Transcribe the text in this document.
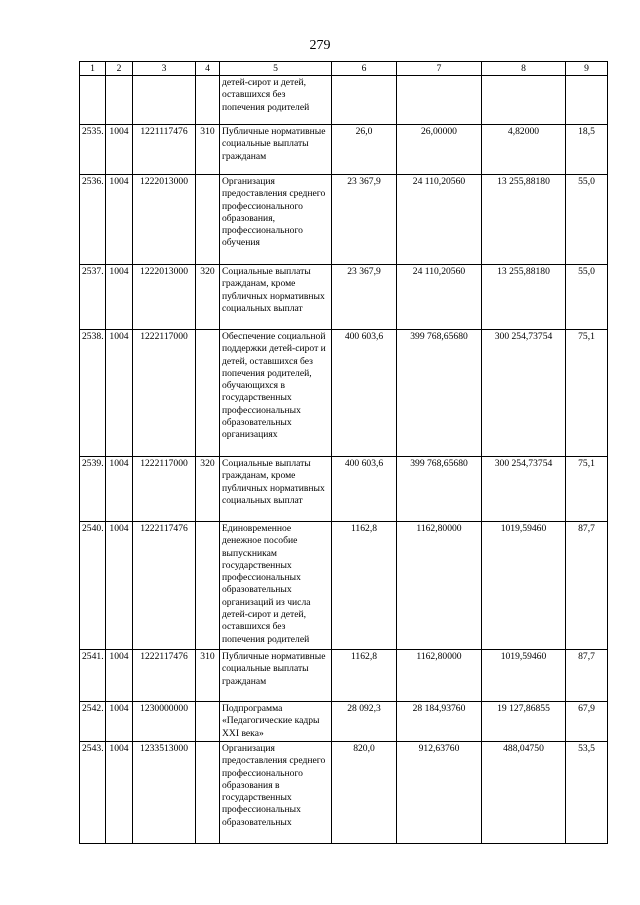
279
1	2	3	4	5	6	7	8	9
				детей-сирот и детей, оставшихся без попечения родителей				
2535.	1004	1221117476	310	Публичные нормативные социальные выплаты гражданам	26,0	26,00000	4,82000	18,5
2536.	1004	1222013000		Организация предоставления среднего профессионального образования, профессионального обучения	23 367,9	24 110,20560	13 255,88180	55,0
2537.	1004	1222013000	320	Социальные выплаты гражданам, кроме публичных нормативных социальных выплат	23 367,9	24 110,20560	13 255,88180	55,0
2538.	1004	1222117000		Обеспечение социальной поддержки детей-сирот и детей, оставшихся без попечения родителей, обучающихся в государственных профессиональных образовательных организациях	400 603,6	399 768,65680	300 254,73754	75,1
2539.	1004	1222117000	320	Социальные выплаты гражданам, кроме публичных нормативных социальных выплат	400 603,6	399 768,65680	300 254,73754	75,1
2540.	1004	1222117476		Единовременное денежное пособие выпускникам государственных профессиональных образовательных организаций из числа детей-сирот и детей, оставшихся без попечения родителей	1162,8	1162,80000	1019,59460	87,7
2541.	1004	1222117476	310	Публичные нормативные социальные выплаты гражданам	1162,8	1162,80000	1019,59460	87,7
2542.	1004	1230000000		Подпрограмма «Педагогические кадры XXI века»	28 092,3	28 184,93760	19 127,86855	67,9
2543.	1004	1233513000		Организация предоставления среднего профессионального образования в государственных профессиональных образовательных	820,0	912,63760	488,04750	53,5
